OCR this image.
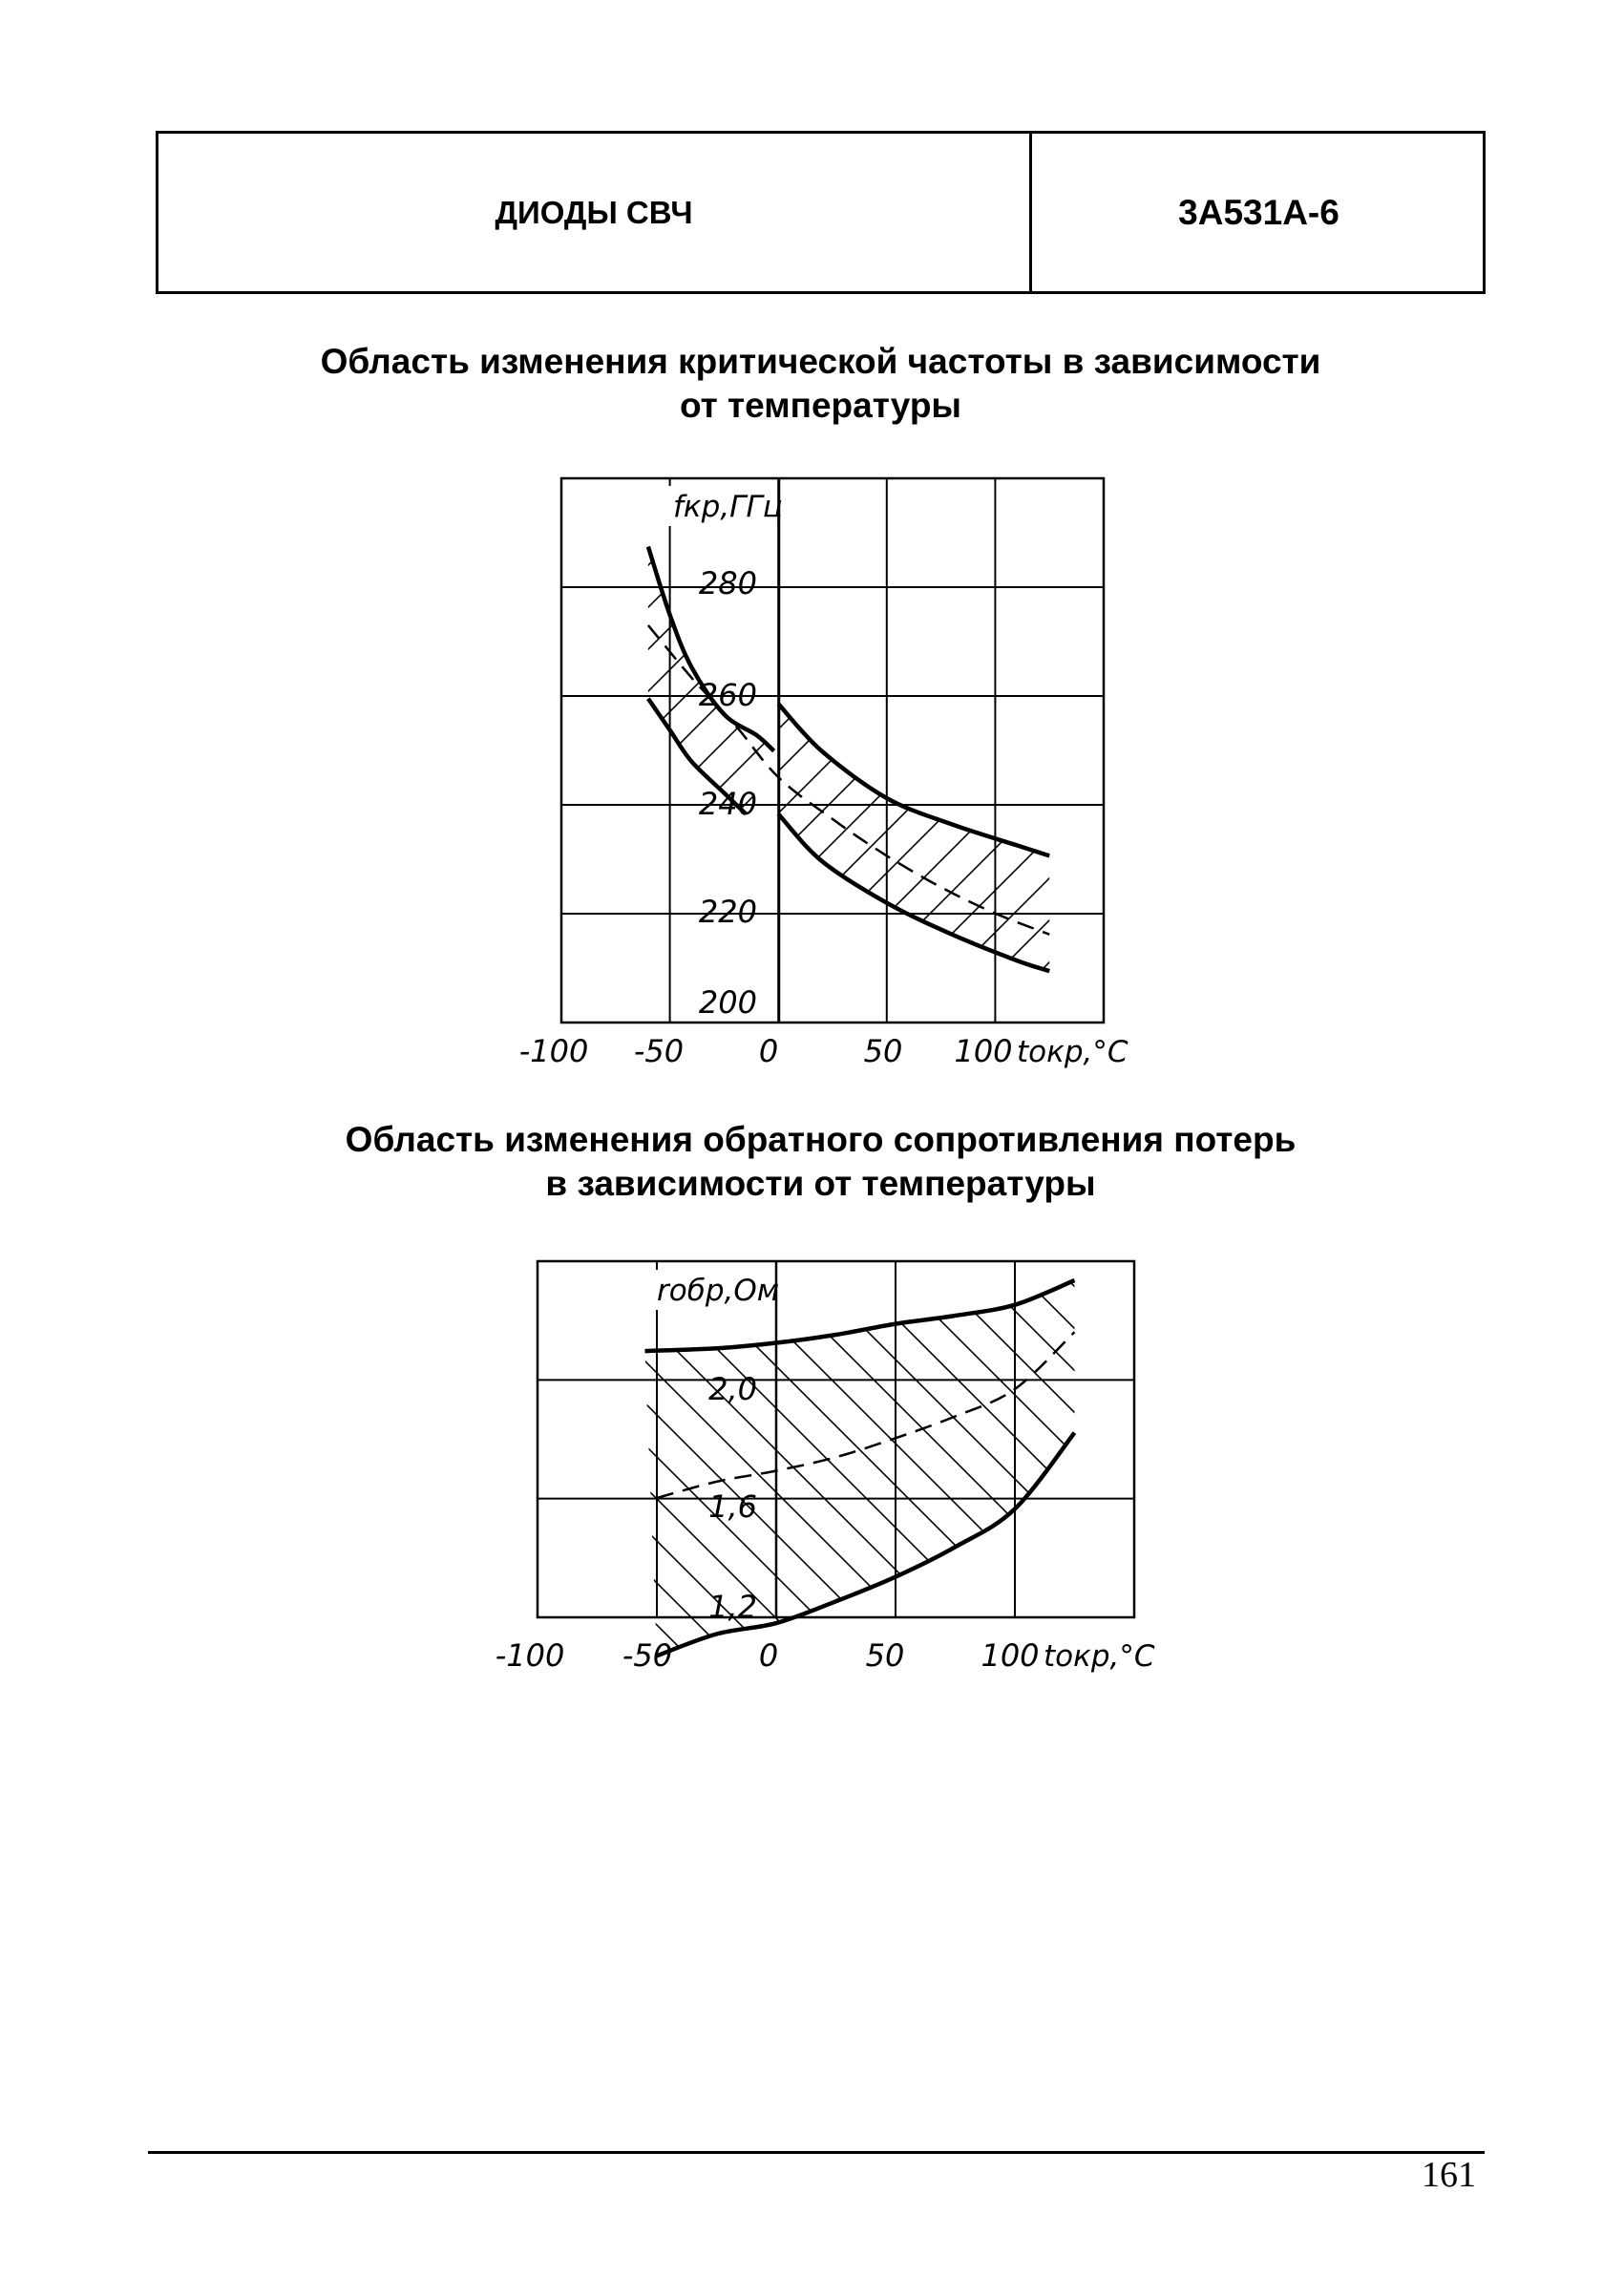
ДИОДЫ СВЧ	3А531А-6
Область изменения критической частоты в зависимости
от температуры
Область изменения обратного сопротивления потерь
в зависимости от температуры
200
220
240
260
280
-100 -50 0	50 100 tокр,°C
fкр,ГГц
1,2
1,6
2,0
-100 -50	0	50	100 tокр,°C
rобр,Ом
161
